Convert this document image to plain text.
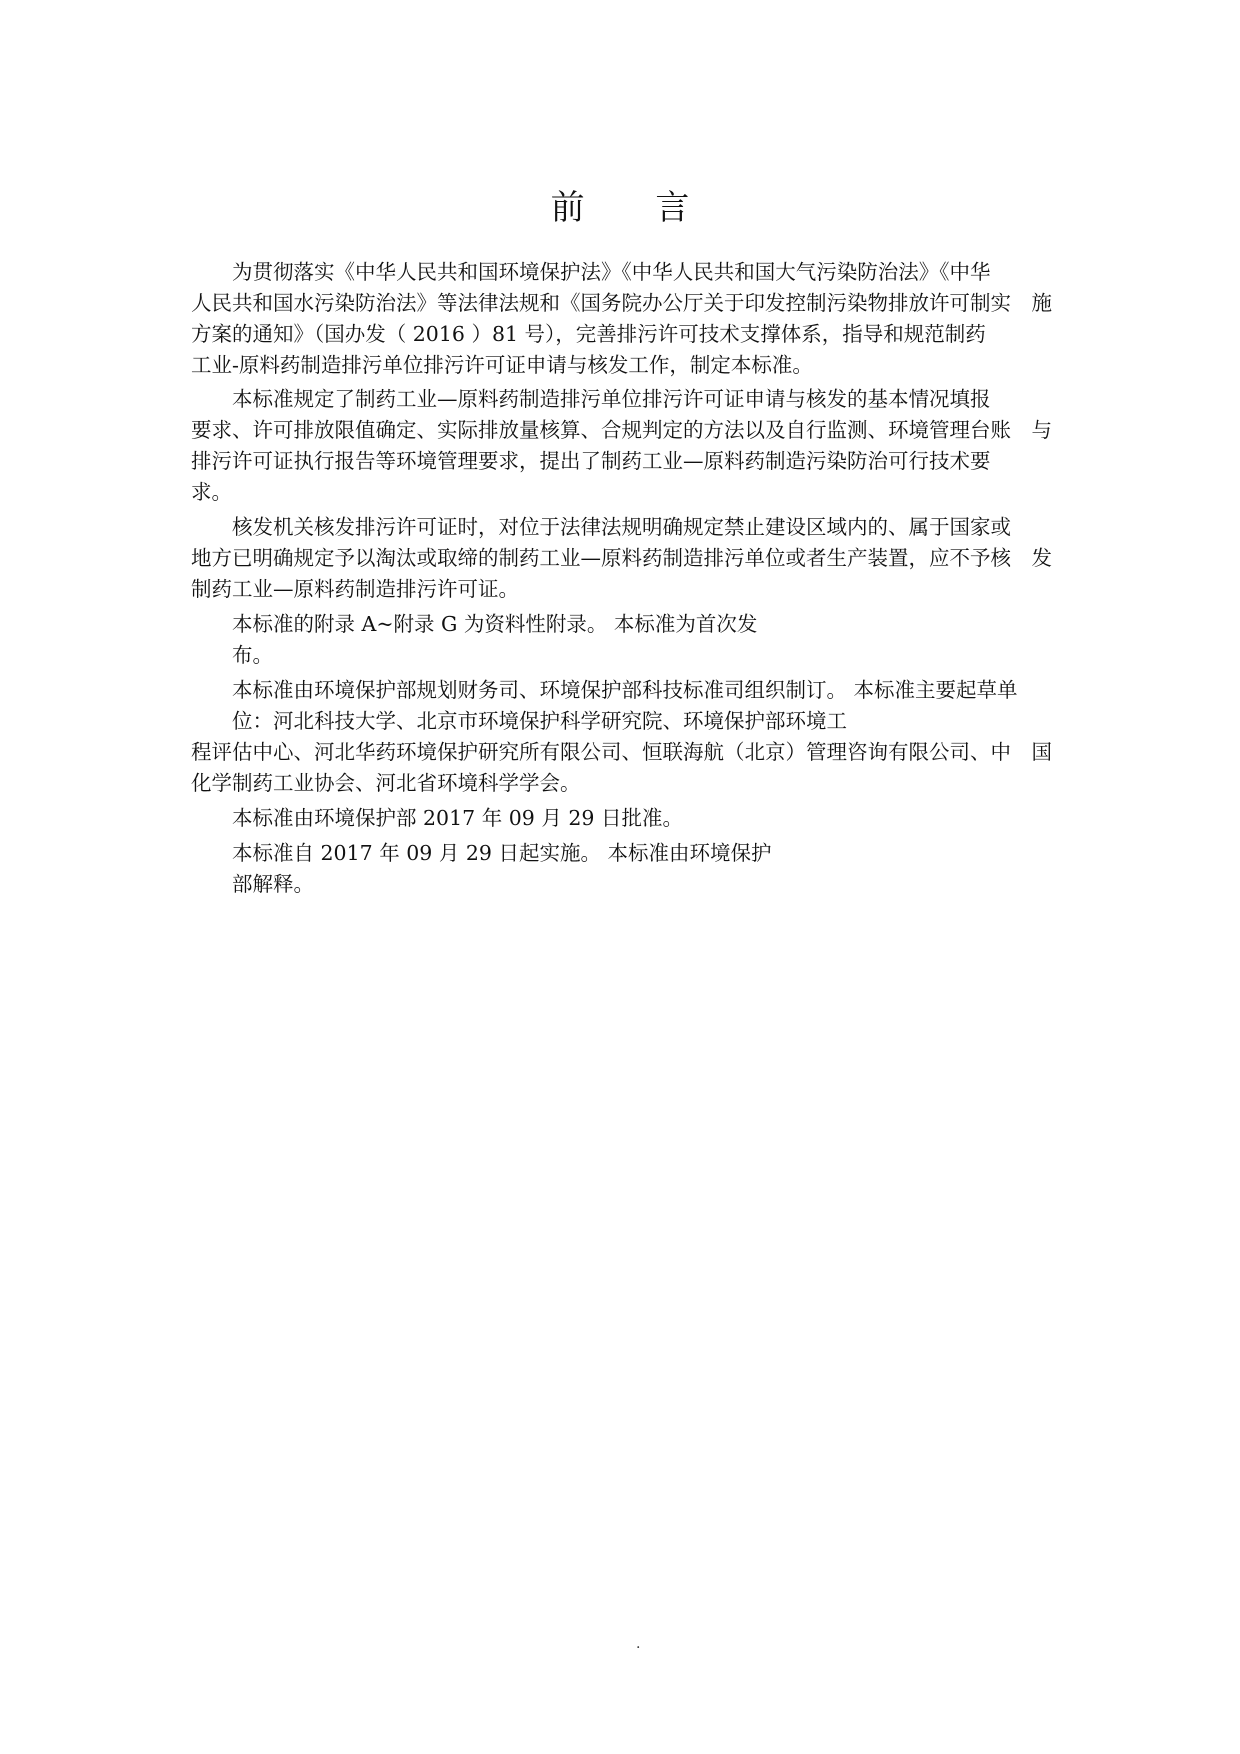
前 言
为贯彻落实《中华人民共和国环境保护法》《中华人民共和国大气污染防治法》《中华
人民共和国水污染防治法》等法律法规和《国务院办公厅关于印发控制污染物排放许可制实　施
方案的通知》（国办发（ 2016 ）81 号），完善排污许可技术支撑体系，指导和规范制药
工业-原料药制造排污单位排污许可证申请与核发工作，制定本标准。
本标准规定了制药工业—原料药制造排污单位排污许可证申请与核发的基本情况填报
要求、许可排放限值确定、实际排放量核算、合规判定的方法以及自行监测、环境管理台账　与
排污许可证执行报告等环境管理要求，提出了制药工业—原料药制造污染防治可行技术要
求。
核发机关核发排污许可证时，对位于法律法规明确规定禁止建设区域内的、属于国家或
地方已明确规定予以淘汰或取缔的制药工业—原料药制造排污单位或者生产装置，应不予核　发
制药工业—原料药制造排污许可证。
本标准的附录 A~附录 G 为资料性附录。 本标准为首次发
布。
本标准由环境保护部规划财务司、环境保护部科技标准司组织制订。 本标准主要起草单
位：河北科技大学、北京市环境保护科学研究院、环境保护部环境工
程评估中心、河北华药环境保护研究所有限公司、恒联海航（北京）管理咨询有限公司、中　国
化学制药工业协会、河北省环境科学学会。
本标准由环境保护部 2017 年 09 月 29 日批准。
本标准自 2017 年 09 月 29 日起实施。 本标准由环境保护
部解释。
.
